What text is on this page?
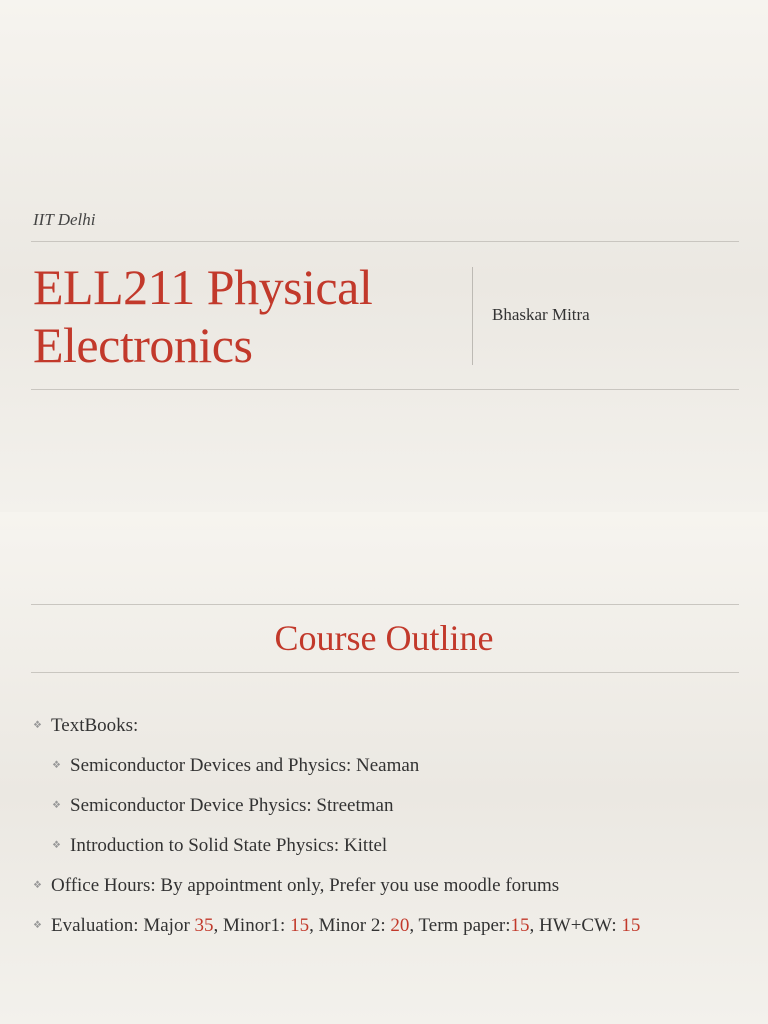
IIT Delhi
ELL211 Physical Electronics
Bhaskar Mitra
Course Outline
❖ TextBooks:
❖ Semiconductor Devices and Physics: Neaman
❖ Semiconductor Device Physics: Streetman
❖ Introduction to Solid State Physics: Kittel
❖ Office Hours: By appointment only, Prefer you use moodle forums
❖ Evaluation: Major 35, Minor1: 15, Minor 2: 20, Term paper:15, HW+CW: 15
